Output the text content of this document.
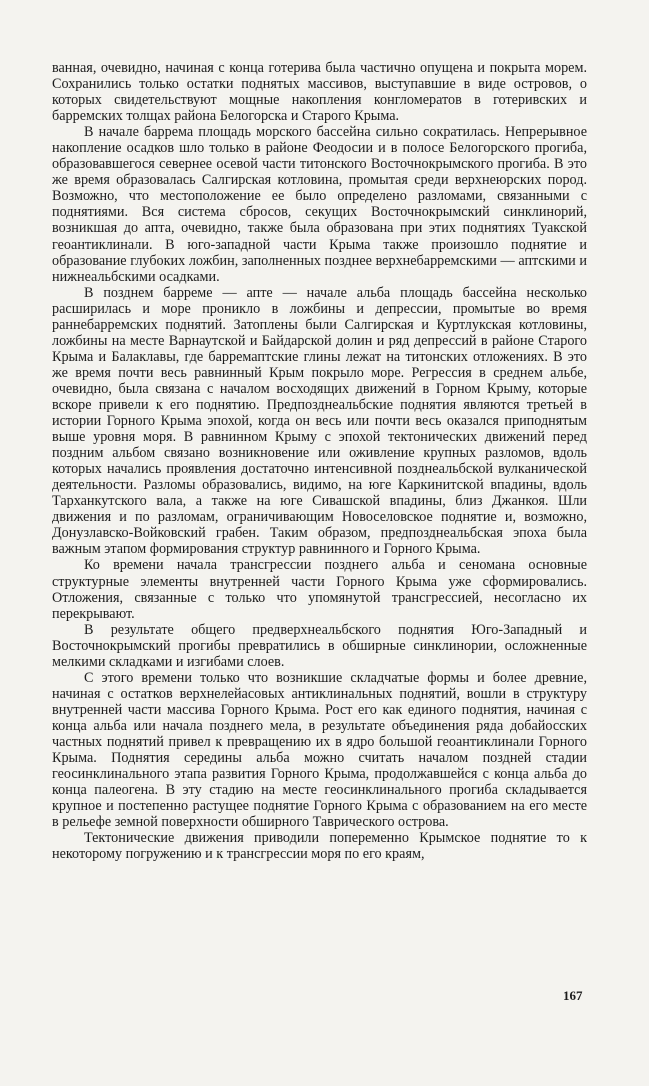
ванная, очевидно, начиная с конца готерива была частично опущена и покрыта морем. Сохранились только остатки поднятых массивов, выступавшие в виде островов, о которых свидетельствуют мощные накопления конгломератов в готеривских и барремских толщах района Белогорска и Старого Крыма.

В начале баррема площадь морского бассейна сильно сократилась. Непрерывное накопление осадков шло только в районе Феодосии и в полосе Белогорского прогиба, образовавшегося севернее осевой части титонского Восточнокрымского прогиба. В это же время образовалась Салгирская котловина, промытая среди верхнеюрских пород. Возможно, что местоположение ее было определено разломами, связанными с поднятиями. Вся система сбросов, секущих Восточнокрымский синклинорий, возникшая до апта, очевидно, также была образована при этих поднятиях Туакской геоантиклинали. В юго-западной части Крыма также произошло поднятие и образование глубоких ложбин, заполненных позднее верхнебарремскими — аптскими и нижнеальбскими осадками.

В позднем барреме — апте — начале альба площадь бассейна несколько расширилась и море проникло в ложбины и депрессии, промытые во время раннебарремских поднятий. Затоплены были Салгирская и Куртлукская котловины, ложбины на месте Варнаутской и Байдарской долин и ряд депрессий в районе Старого Крыма и Балаклавы, где барремаптские глины лежат на титонских отложениях. В это же время почти весь равнинный Крым покрыло море. Регрессия в среднем альбе, очевидно, была связана с началом восходящих движений в Горном Крыму, которые вскоре привели к его поднятию. Предпозднеальбские поднятия являются третьей в истории Горного Крыма эпохой, когда он весь или почти весь оказался приподнятым выше уровня моря. В равнинном Крыму с эпохой тектонических движений перед поздним альбом связано возникновение или оживление крупных разломов, вдоль которых начались проявления достаточно интенсивной позднеальбской вулканической деятельности. Разломы образовались, видимо, на юге Каркинитской впадины, вдоль Тарханкутского вала, а также на юге Сивашской впадины, близ Джанкоя. Шли движения и по разломам, ограничивающим Новоселовское поднятие и, возможно, Донузлавско-Войковский грабен. Таким образом, предпозднеальбская эпоха была важным этапом формирования структур равнинного и Горного Крыма.

Ко времени начала трансгрессии позднего альба и сеномана основные структурные элементы внутренней части Горного Крыма уже сформировались. Отложения, связанные с только что упомянутой трансгрессией, несогласно их перекрывают.

В результате общего предверхнеальбского поднятия Юго-Западный и Восточнокрымский прогибы превратились в обширные синклинории, осложненные мелкими складками и изгибами слоев.

С этого времени только что возникшие складчатые формы и более древние, начиная с остатков верхнелейасовых антиклинальных поднятий, вошли в структуру внутренней части массива Горного Крыма. Рост его как единого поднятия, начиная с конца альба или начала позднего мела, в результате объединения ряда добайосских частных поднятий привел к превращению их в ядро большой геоантиклинали Горного Крыма. Поднятия середины альба можно считать началом поздней стадии геосинклинального этапа развития Горного Крыма, продолжавшейся с конца альба до конца палеогена. В эту стадию на месте геосинклинального прогиба складывается крупное и постепенно растущее поднятие Горного Крыма с образованием на его месте в рельефе земной поверхности обширного Таврического острова.

Тектонические движения приводили попеременно Крымское поднятие то к некоторому погружению и к трансгрессии моря по его краям,

167
